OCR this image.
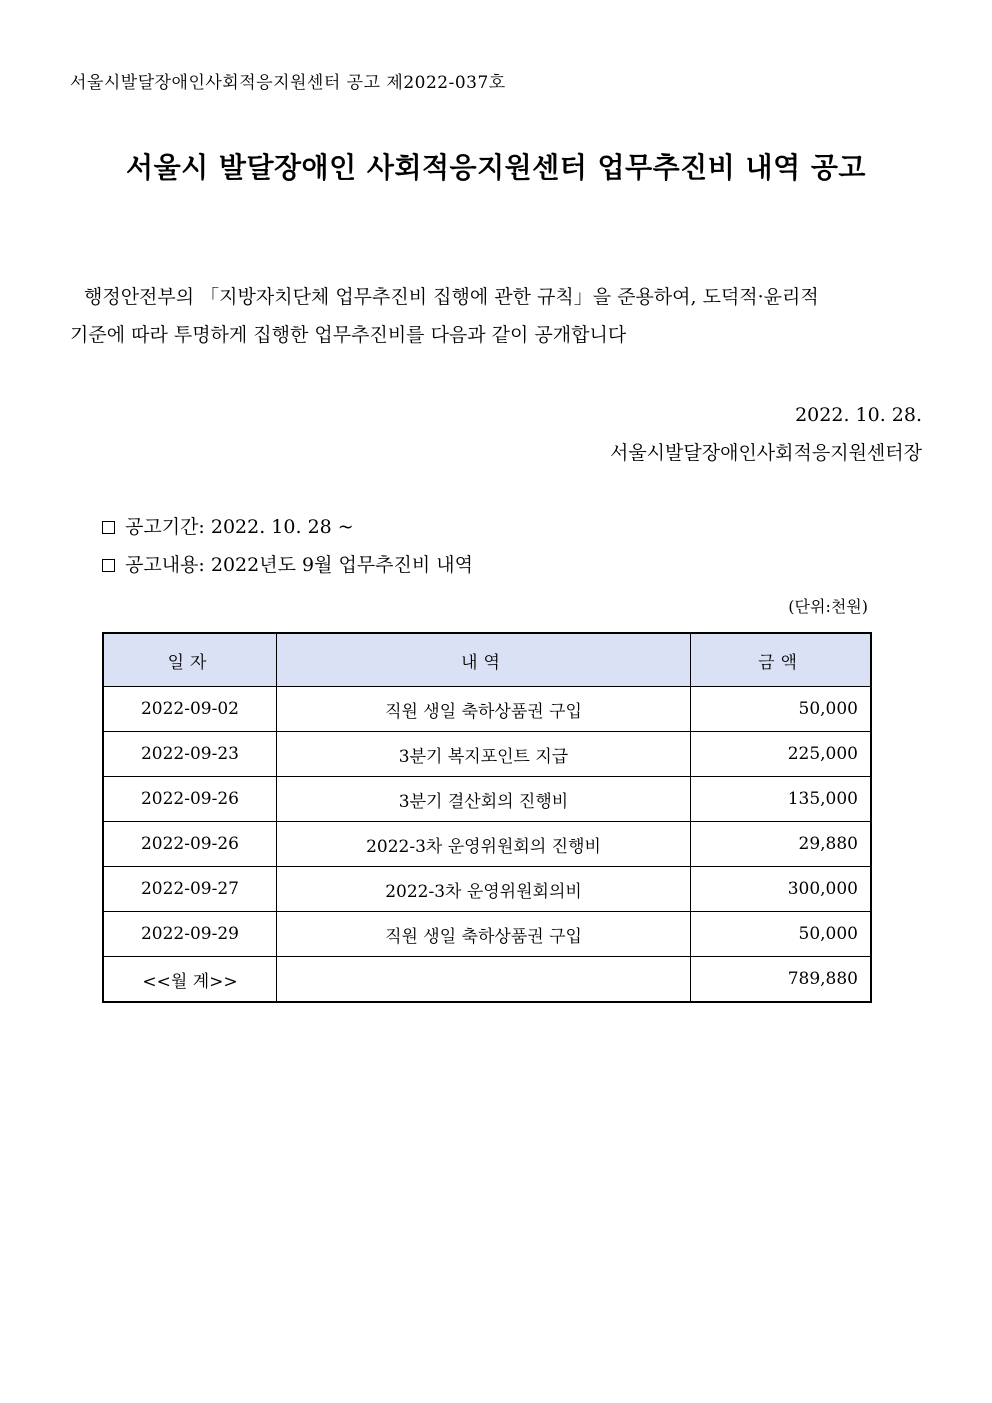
서울시발달장애인사회적응지원센터 공고 제2022-037호
서울시 발달장애인 사회적응지원센터 업무추진비 내역 공고
행정안전부의 「지방자치단체 업무추진비 집행에 관한 규칙」을 준용하여, 도덕적·윤리적
기준에 따라 투명하게 집행한 업무추진비를 다음과 같이 공개합니다
2022. 10. 28.
서울시발달장애인사회적응지원센터장
공고기간:
2022. 10. 28 ~
공고내용:
2022년도 9월 업무추진비 내역
(단위:천원)
일자	내역	금액
2022-09-02	직원 생일 축하상품권 구입	50,000
2022-09-23	3분기 복지포인트 지급	225,000
2022-09-26	3분기 결산회의 진행비	135,000
2022-09-26	2022-3차 운영위원회의 진행비	29,880
2022-09-27	2022-3차 운영위원회의비	300,000
2022-09-29	직원 생일 축하상품권 구입	50,000
<<월 계>>		789,880
